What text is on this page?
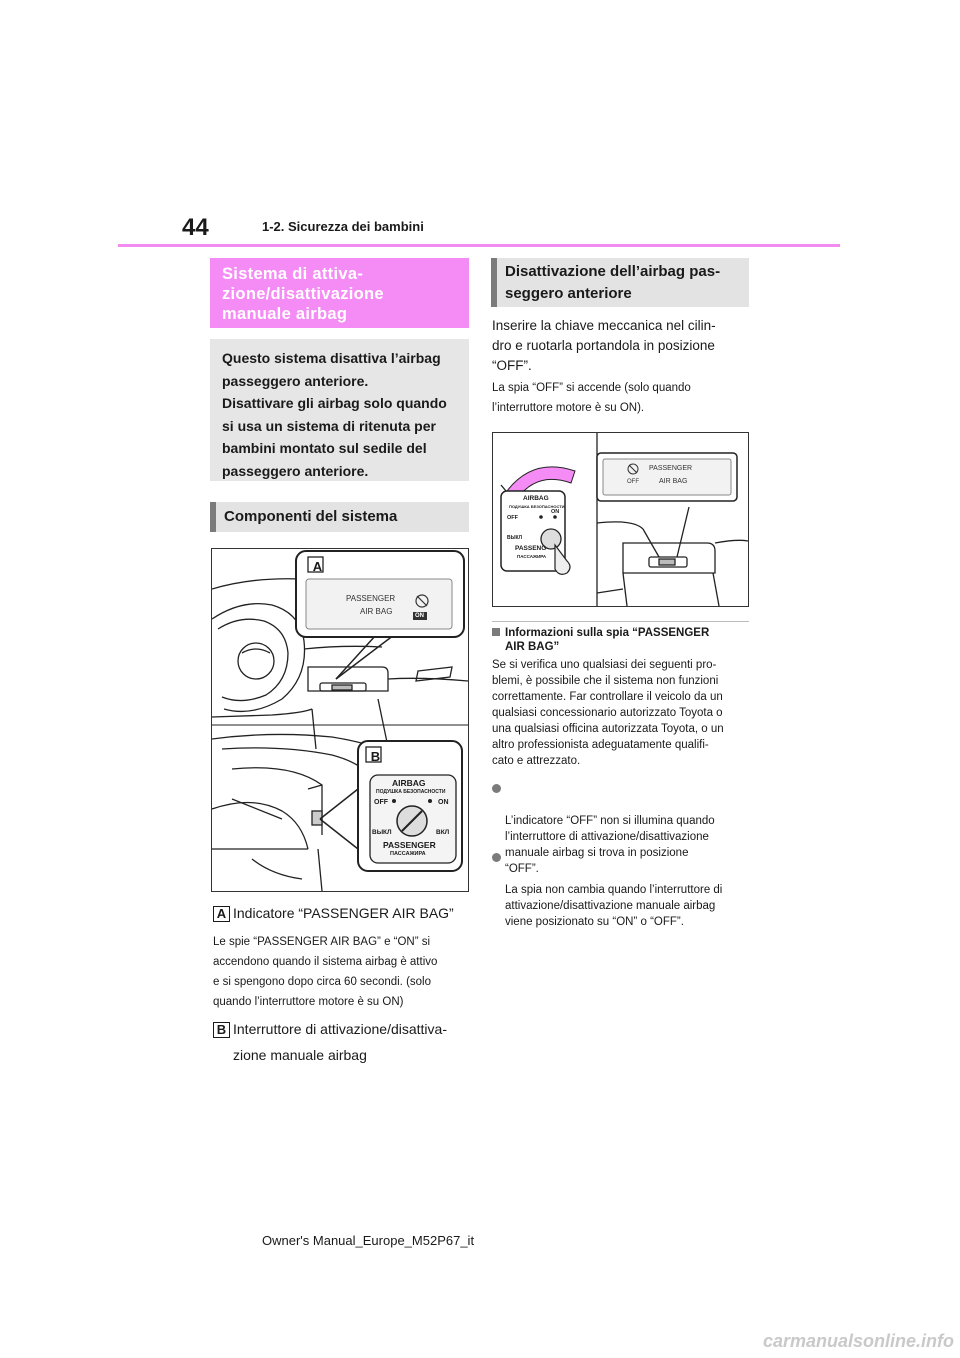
44	1-2. Sicurezza dei bambini
Sistema di attiva-
zione/disattivazione
manuale airbag
Questo sistema disattiva l’airbag
passeggero anteriore.
Disattivare gli airbag solo quando
si usa un sistema di ritenuta per
bambini montato sul sedile del
passeggero anteriore.
Componenti del sistema
A
B
PASSENGER
AIR BAG	ON
AIRBAG
ПОДУШКА БЕЗОПАСНОСТИ
OFF	ON
ВЫКЛ	ВКЛ
PASSENGER
ПАССАЖИРА
A Indicatore “PASSENGER AIR BAG”
Le spie “PASSENGER AIR BAG” e “ON” si
accendono quando il sistema airbag è attivo
e si spengono dopo circa 60 secondi. (solo
quando l’interruttore motore è su ON)
B Interruttore di attivazione/disattiva-
zione manuale airbag
Disattivazione dell’airbag pas-
seggero anteriore
Inserire la chiave meccanica nel cilin-
dro e ruotarla portandola in posizione
“OFF”.
La spia “OFF” si accende (solo quando
l’interruttore motore è su ON).
PASSENGER
AIR BAG
OFF
AIRBAG
ПОДУШКА БЕЗОПАСНОСТИ
OFF
ON
ВЫКЛ
PASSENG
ПАССАЖИРА
Informazioni sulla spia “PASSENGER
AIR BAG”
Se si verifica uno qualsiasi dei seguenti pro-
blemi, è possibile che il sistema non funzioni
correttamente. Far controllare il veicolo da un
qualsiasi concessionario autorizzato Toyota o
una qualsiasi officina autorizzata Toyota, o un
altro professionista adeguatamente qualifi-
cato e attrezzato.

L’indicatore “OFF” non si illumina quando
l’interruttore di attivazione/disattivazione
manuale airbag si trova in posizione
“OFF”.

La spia non cambia quando l’interruttore di
attivazione/disattivazione manuale airbag
viene posizionato su “ON” o “OFF”.

Owner's Manual_Europe_M52P67_it
carmanualsonline.info
